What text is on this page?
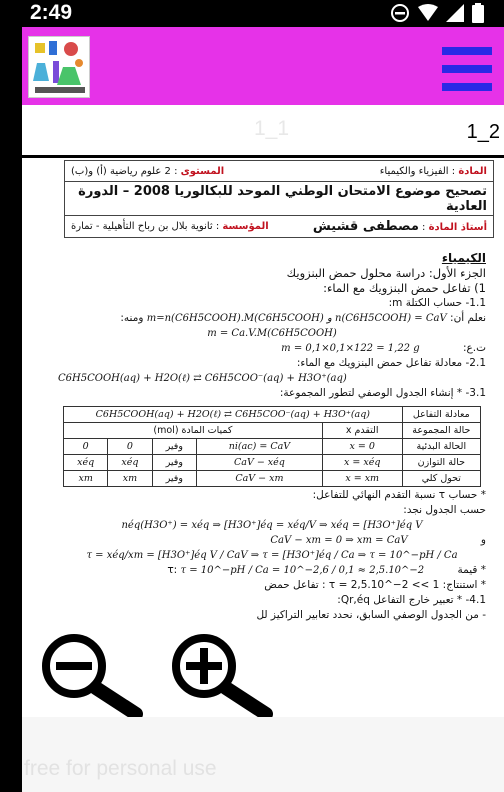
2:49
1_1	1_2
المادة : الفيزياء والكيمياء
المستوى : 2 علوم رياضية (أ) و(ب)
تصحيح موضوع الامتحان الوطني الموحد للبكالوريا 2008 – الدورة العادية
أستاذ المادة : مصطفى قشيش
المؤسسة : ثانوية بلال بن رباح التأهيلية - تمارة
الكيمياء
الجزء الأول: دراسة محلول حمض البنزويك
1) تفاعل حمض البنزويك مع الماء:
1.1- حساب الكتلة m:
نعلم أن: n(C6H5COOH) = CaV و m=n(C6H5COOH).M(C6H5COOH) ومنه:
m = Ca.V.M(C6H5COOH)
ت.ع: m = 0,1×0,1×122 = 1,22 g
2.1- معادلة تفاعل حمض البنزويك مع الماء:
C6H5COOH(aq) + H2O(ℓ) ⇄ C6H5COO⁻(aq) + H3O⁺(aq)
3.1- * إنشاء الجدول الوصفي لتطور المجموعة:
معادلة التفاعل	C6H5COOH(aq) + H2O(ℓ) ⇄ C6H5COO⁻(aq) + H3O⁺(aq)				
حالة المجموعة	التقدم x	كميات المادة (mol)			
الحالة البدئية	x = 0	ni(ac) = CaV	وفير	0	0
حالة التوازن	x = xéq	CaV − xéq	وفير	xéq	xéq
تحول كلي	x = xm	CaV − xm	وفير	xm	xm
* حساب τ نسبة التقدم النهائي للتفاعل:
حسب الجدول نجد:
néq(H3O⁺) = xéq ⇒ [H3O⁺]éq = xéq/V ⇒ xéq = [H3O⁺]éq V
و CaV − xm = 0 ⇒ xm = CaV
τ = xéq/xm = [H3O⁺]éq V / CaV ⇒ τ = [H3O⁺]éq / Ca ⇒ τ = 10^−pH / Ca
* قيمة τ: τ = 10^−pH / Ca = 10^−2,6 / 0,1 ≈ 2,5.10^−2
* استنتاج: τ = 2,5.10^−2 << 1 : تفاعل حمض
4.1- * تعبير خارج التفاعل Qr,éq:
- من الجدول الوصفي السابق، نحدد تعابير التراكيز لل
free for personal use
